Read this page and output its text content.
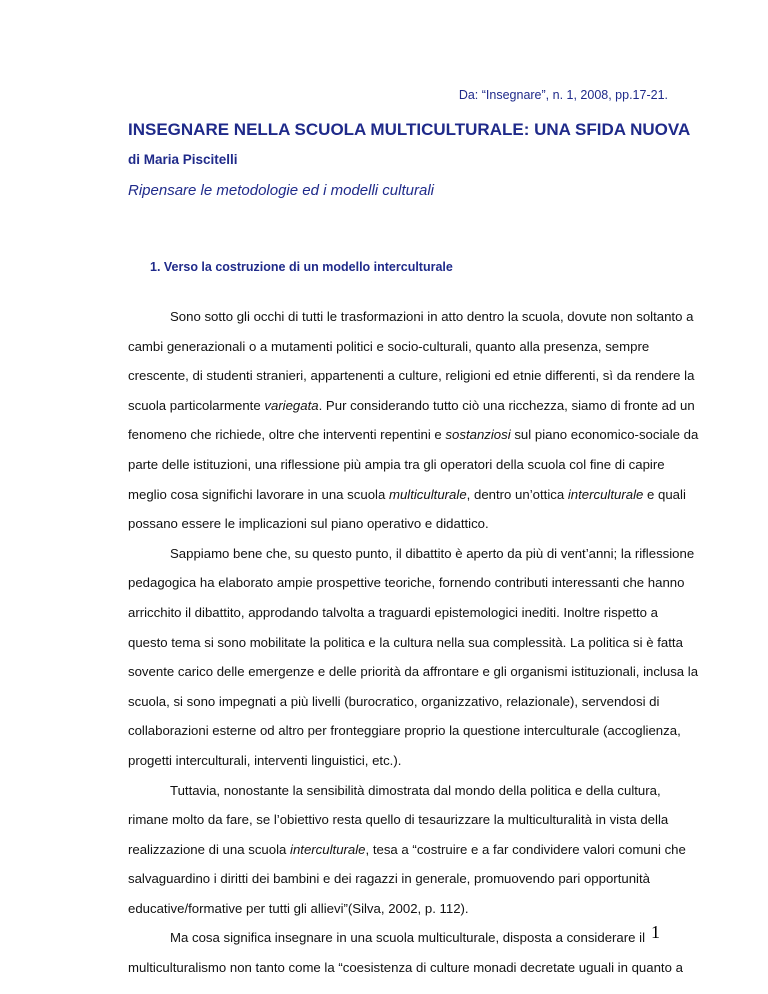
Da: “Insegnare”, n. 1, 2008, pp.17-21.
INSEGNARE NELLA SCUOLA MULTICULTURALE: UNA SFIDA NUOVA
di Maria Piscitelli
Ripensare le metodologie ed i modelli culturali
1. Verso la costruzione di un modello interculturale

Sono sotto gli occhi di tutti le trasformazioni in atto dentro la scuola, dovute non soltanto a
cambi generazionali o a mutamenti politici e socio-culturali, quanto alla presenza, sempre
crescente, di studenti stranieri, appartenenti a culture, religioni ed etnie differenti, sì da rendere la
scuola particolarmente variegata. Pur considerando tutto ciò una ricchezza, siamo di fronte ad un
fenomeno che richiede, oltre che interventi repentini e sostanziosi sul piano economico-sociale da
parte delle istituzioni, una riflessione più ampia tra gli operatori della scuola col fine di capire
meglio cosa significhi lavorare in una scuola multiculturale, dentro un’ottica interculturale e quali
possano essere le implicazioni sul piano operativo e didattico.

Sappiamo bene che, su questo punto, il dibattito è aperto da più di vent’anni; la riflessione
pedagogica ha elaborato ampie prospettive teoriche, fornendo contributi interessanti che hanno
arricchito il dibattito, approdando talvolta a traguardi epistemologici inediti. Inoltre rispetto a
questo tema si sono mobilitate la politica e la cultura nella sua complessità. La politica si è fatta
sovente carico delle emergenze e delle priorità da affrontare e gli organismi istituzionali, inclusa la
scuola, si sono impegnati a più livelli (burocratico, organizzativo, relazionale), servendosi di
collaborazioni esterne od altro per fronteggiare proprio la questione interculturale (accoglienza,
progetti interculturali, interventi linguistici, etc.).

Tuttavia, nonostante la sensibilità dimostrata dal mondo della politica e della cultura,
rimane molto da fare, se l’obiettivo resta quello di tesaurizzare la multiculturalità in vista della
realizzazione di una scuola interculturale, tesa a “costruire e a far condividere valori comuni che
salvaguardino i diritti dei bambini e dei ragazzi in generale, promuovendo pari opportunità
educative/formative per tutti gli allievi”(Silva, 2002, p. 112).

Ma cosa significa insegnare in una scuola multiculturale, disposta a considerare il
multiculturalismo non tanto come la “coesistenza di culture monadi decretate uguali in quanto a

1
